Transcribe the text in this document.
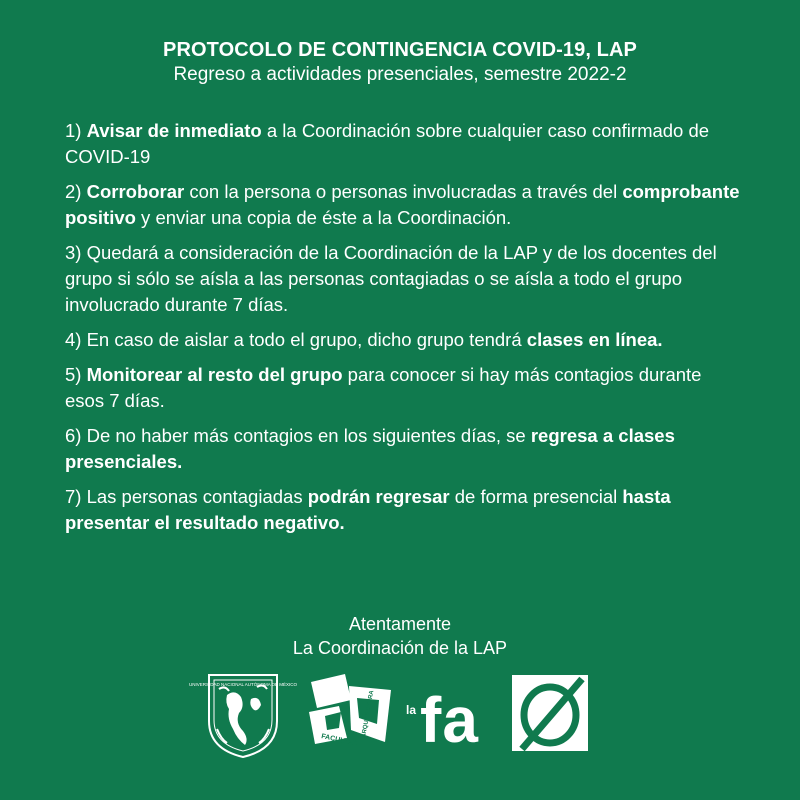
PROTOCOLO DE CONTINGENCIA COVID-19, LAP
Regreso a actividades presenciales, semestre 2022-2
1) Avisar de inmediato a la Coordinación sobre cualquier caso confirmado de COVID-19
2) Corroborar con la persona o personas involucradas a través del comprobante positivo y enviar una copia de éste a la Coordinación.
3) Quedará a consideración de la Coordinación de la LAP y de los docentes del grupo si sólo se aísla a las personas contagiadas o se aísla a todo el grupo involucrado durante 7 días.
4) En caso de aislar a todo el grupo, dicho grupo tendrá clases en línea.
5) Monitorear al resto del grupo para conocer si hay más contagios durante esos 7 días.
6) De no haber más contagios en los siguientes días, se regresa a clases presenciales.
7) Las personas contagiadas podrán regresar de forma presencial hasta presentar el resultado negativo.
Atentamente
La Coordinación de la LAP
UNIVERSIDAD NACIONAL AUTÓNOMA DE MÉXICO
FACULTAD
ARQUITECTURA	la fa
